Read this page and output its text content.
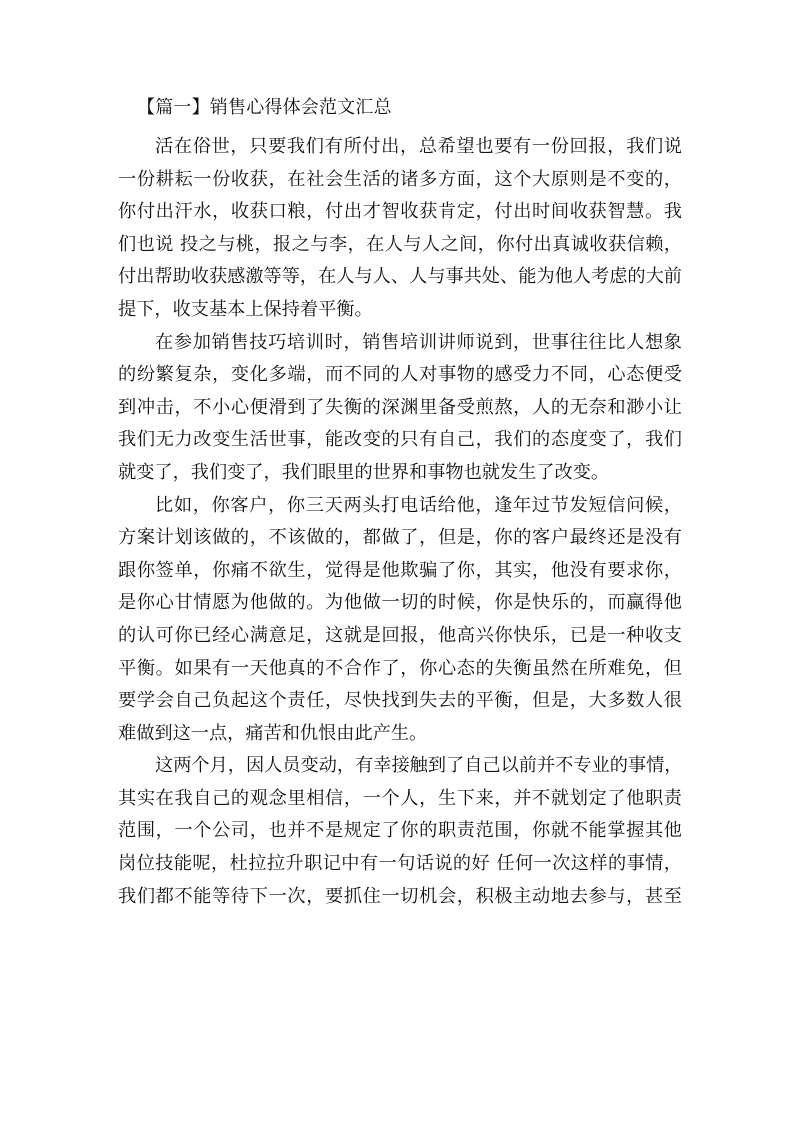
【篇一】销售心得体会范文汇总
活在俗世，只要我们有所付出，总希望也要有一份回报，我们说
一份耕耘一份收获，在社会生活的诸多方面，这个大原则是不变的，
你付出汗水，收获口粮，付出才智收获肯定，付出时间收获智慧。我
们也说 投之与桃，报之与李，在人与人之间，你付出真诚收获信赖，
付出帮助收获感激等等，在人与人、人与事共处、能为他人考虑的大前
提下，收支基本上保持着平衡。
在参加销售技巧培训时，销售培训讲师说到，世事往往比人想象
的纷繁复杂，变化多端，而不同的人对事物的感受力不同，心态便受
到冲击，不小心便滑到了失衡的深渊里备受煎熬，人的无奈和渺小让
我们无力改变生活世事，能改变的只有自己，我们的态度变了，我们
就变了，我们变了，我们眼里的世界和事物也就发生了改变。
比如，你客户，你三天两头打电话给他，逢年过节发短信问候，
方案计划该做的，不该做的，都做了，但是，你的客户最终还是没有
跟你签单，你痛不欲生，觉得是他欺骗了你，其实，他没有要求你，
是你心甘情愿为他做的。为他做一切的时候，你是快乐的，而赢得他
的认可你已经心满意足，这就是回报，他高兴你快乐，已是一种收支
平衡。如果有一天他真的不合作了，你心态的失衡虽然在所难免，但
要学会自己负起这个责任，尽快找到失去的平衡，但是，大多数人很
难做到这一点，痛苦和仇恨由此产生。
这两个月，因人员变动，有幸接触到了自己以前并不专业的事情，
其实在我自己的观念里相信，一个人，生下来，并不就划定了他职责
范围，一个公司，也并不是规定了你的职责范围，你就不能掌握其他
岗位技能呢，杜拉拉升职记中有一句话说的好 任何一次这样的事情，
我们都不能等待下一次，要抓住一切机会，积极主动地去参与，甚至
